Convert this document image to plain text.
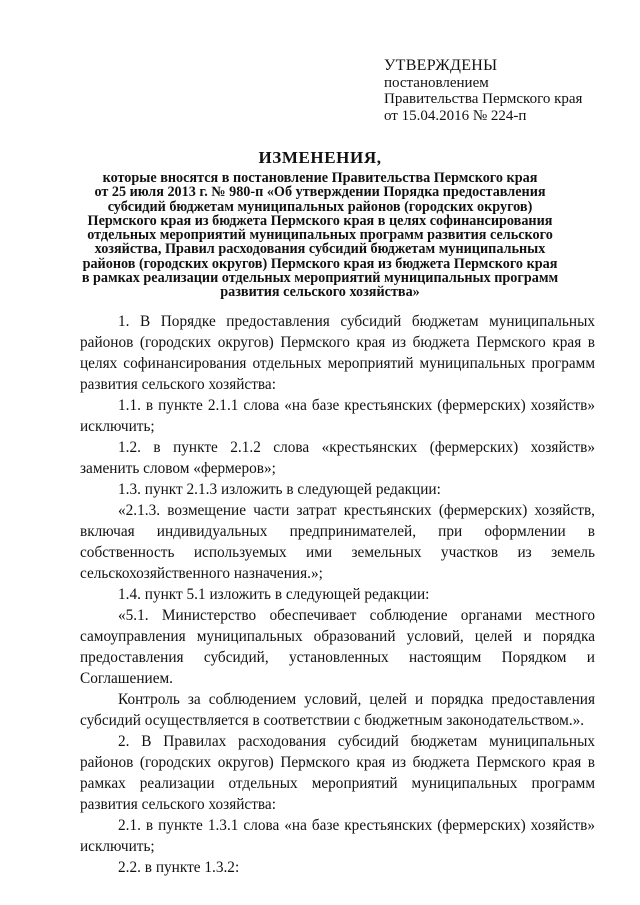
УТВЕРЖДЕНЫ
постановлением
Правительства Пермского края
от 15.04.2016 № 224-п
ИЗМЕНЕНИЯ,
которые вносятся в постановление Правительства Пермского края
от 25 июля 2013 г. № 980-п «Об утверждении Порядка предоставления
субсидий бюджетам муниципальных районов (городских округов)
Пермского края из бюджета Пермского края в целях софинансирования
отдельных мероприятий муниципальных программ развития сельского
хозяйства, Правил расходования субсидий бюджетам муниципальных
районов (городских округов) Пермского края из бюджета Пермского края
в рамках реализации отдельных мероприятий муниципальных программ
развития сельского хозяйства»

1. В Порядке предоставления субсидий бюджетам муниципальных районов (городских округов) Пермского края из бюджета Пермского края в целях софинансирования отдельных мероприятий муниципальных программ развития сельского хозяйства:

1.1. в пункте 2.1.1 слова «на базе крестьянских (фермерских) хозяйств» исключить;

1.2. в пункте 2.1.2 слова «крестьянских (фермерских) хозяйств» заменить словом «фермеров»;

1.3. пункт 2.1.3 изложить в следующей редакции:

«2.1.3. возмещение части затрат крестьянских (фермерских) хозяйств, включая индивидуальных предпринимателей, при оформлении в собственность используемых ими земельных участков из земель сельскохозяйственного назначения.»;

1.4. пункт 5.1 изложить в следующей редакции:

«5.1. Министерство обеспечивает соблюдение органами местного самоуправления муниципальных образований условий, целей и порядка предоставления субсидий, установленных настоящим Порядком и Соглашением.

Контроль за соблюдением условий, целей и порядка предоставления субсидий осуществляется в соответствии с бюджетным законодательством.».

2. В Правилах расходования субсидий бюджетам муниципальных районов (городских округов) Пермского края из бюджета Пермского края в рамках реализации отдельных мероприятий муниципальных программ развития сельского хозяйства:

2.1. в пункте 1.3.1 слова «на базе крестьянских (фермерских) хозяйств» исключить;

2.2. в пункте 1.3.2:
